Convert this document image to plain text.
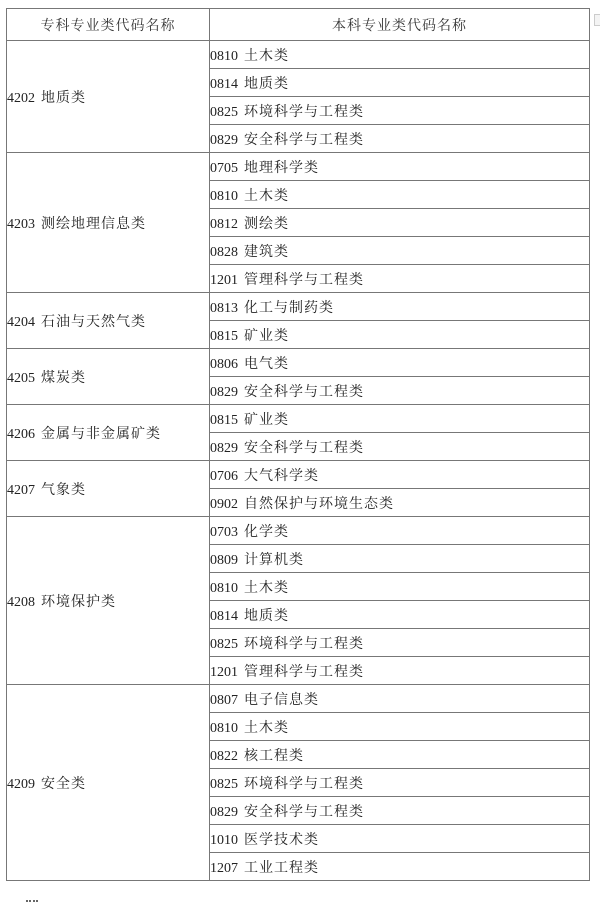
专科专业类代码名称	本科专业类代码名称
4202 地质类	0810 土木类
	0814 地质类
	0825 环境科学与工程类
	0829 安全科学与工程类
4203 测绘地理信息类	0705 地理科学类
	0810 土木类
	0812 测绘类
	0828 建筑类
	1201 管理科学与工程类
4204 石油与天然气类	0813 化工与制药类
	0815 矿业类
4205 煤炭类	0806 电气类
	0829 安全科学与工程类
4206 金属与非金属矿类	0815 矿业类
	0829 安全科学与工程类
4207 气象类	0706 大气科学类
	0902 自然保护与环境生态类
4208 环境保护类	0703 化学类
	0809 计算机类
	0810 土木类
	0814 地质类
	0825 环境科学与工程类
	1201 管理科学与工程类
4209 安全类	0807 电子信息类
	0810 土木类
	0822 核工程类
	0825 环境科学与工程类
	0829 安全科学与工程类
	1010 医学技术类
	1207 工业工程类
